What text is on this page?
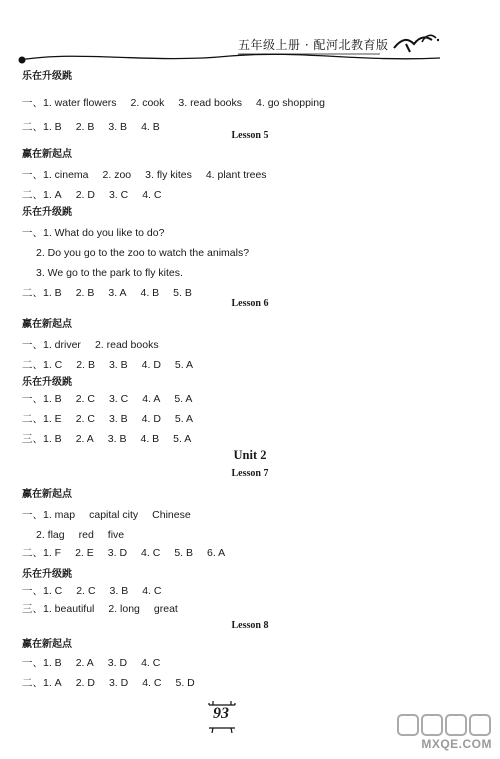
五年级上册 · 配河北教育版
乐在升级跳
一、1. water flowers 2. cook 3. read books 4. go shopping
二、1. B 2. B 3. B 4. B
Lesson 5
赢在新起点
一、1. cinema 2. zoo 3. fly kites 4. plant trees
二、1. A 2. D 3. C 4. C
乐在升级跳
一、1. What do you like to do?
2. Do you go to the zoo to watch the animals?
3. We go to the park to fly kites.
二、1. B 2. B 3. A 4. B 5. B
Lesson 6
赢在新起点
一、1. driver 2. read books
二、1. C 2. B 3. B 4. D 5. A
乐在升级跳
一、1. B 2. C 3. C 4. A 5. A
二、1. E 2. C 3. B 4. D 5. A
三、1. B 2. A 3. B 4. B 5. A
Unit 2
Lesson 7
赢在新起点
一、1. map capital city Chinese
2. flag red five
二、1. F 2. E 3. D 4. C 5. B 6. A
乐在升级跳
一、1. C 2. C 3. B 4. C
三、1. beautiful 2. long great
Lesson 8
赢在新起点
一、1. B 2. A 3. D 4. C
二、1. A 2. D 3. D 4. C 5. D
93
MXQE.COM
